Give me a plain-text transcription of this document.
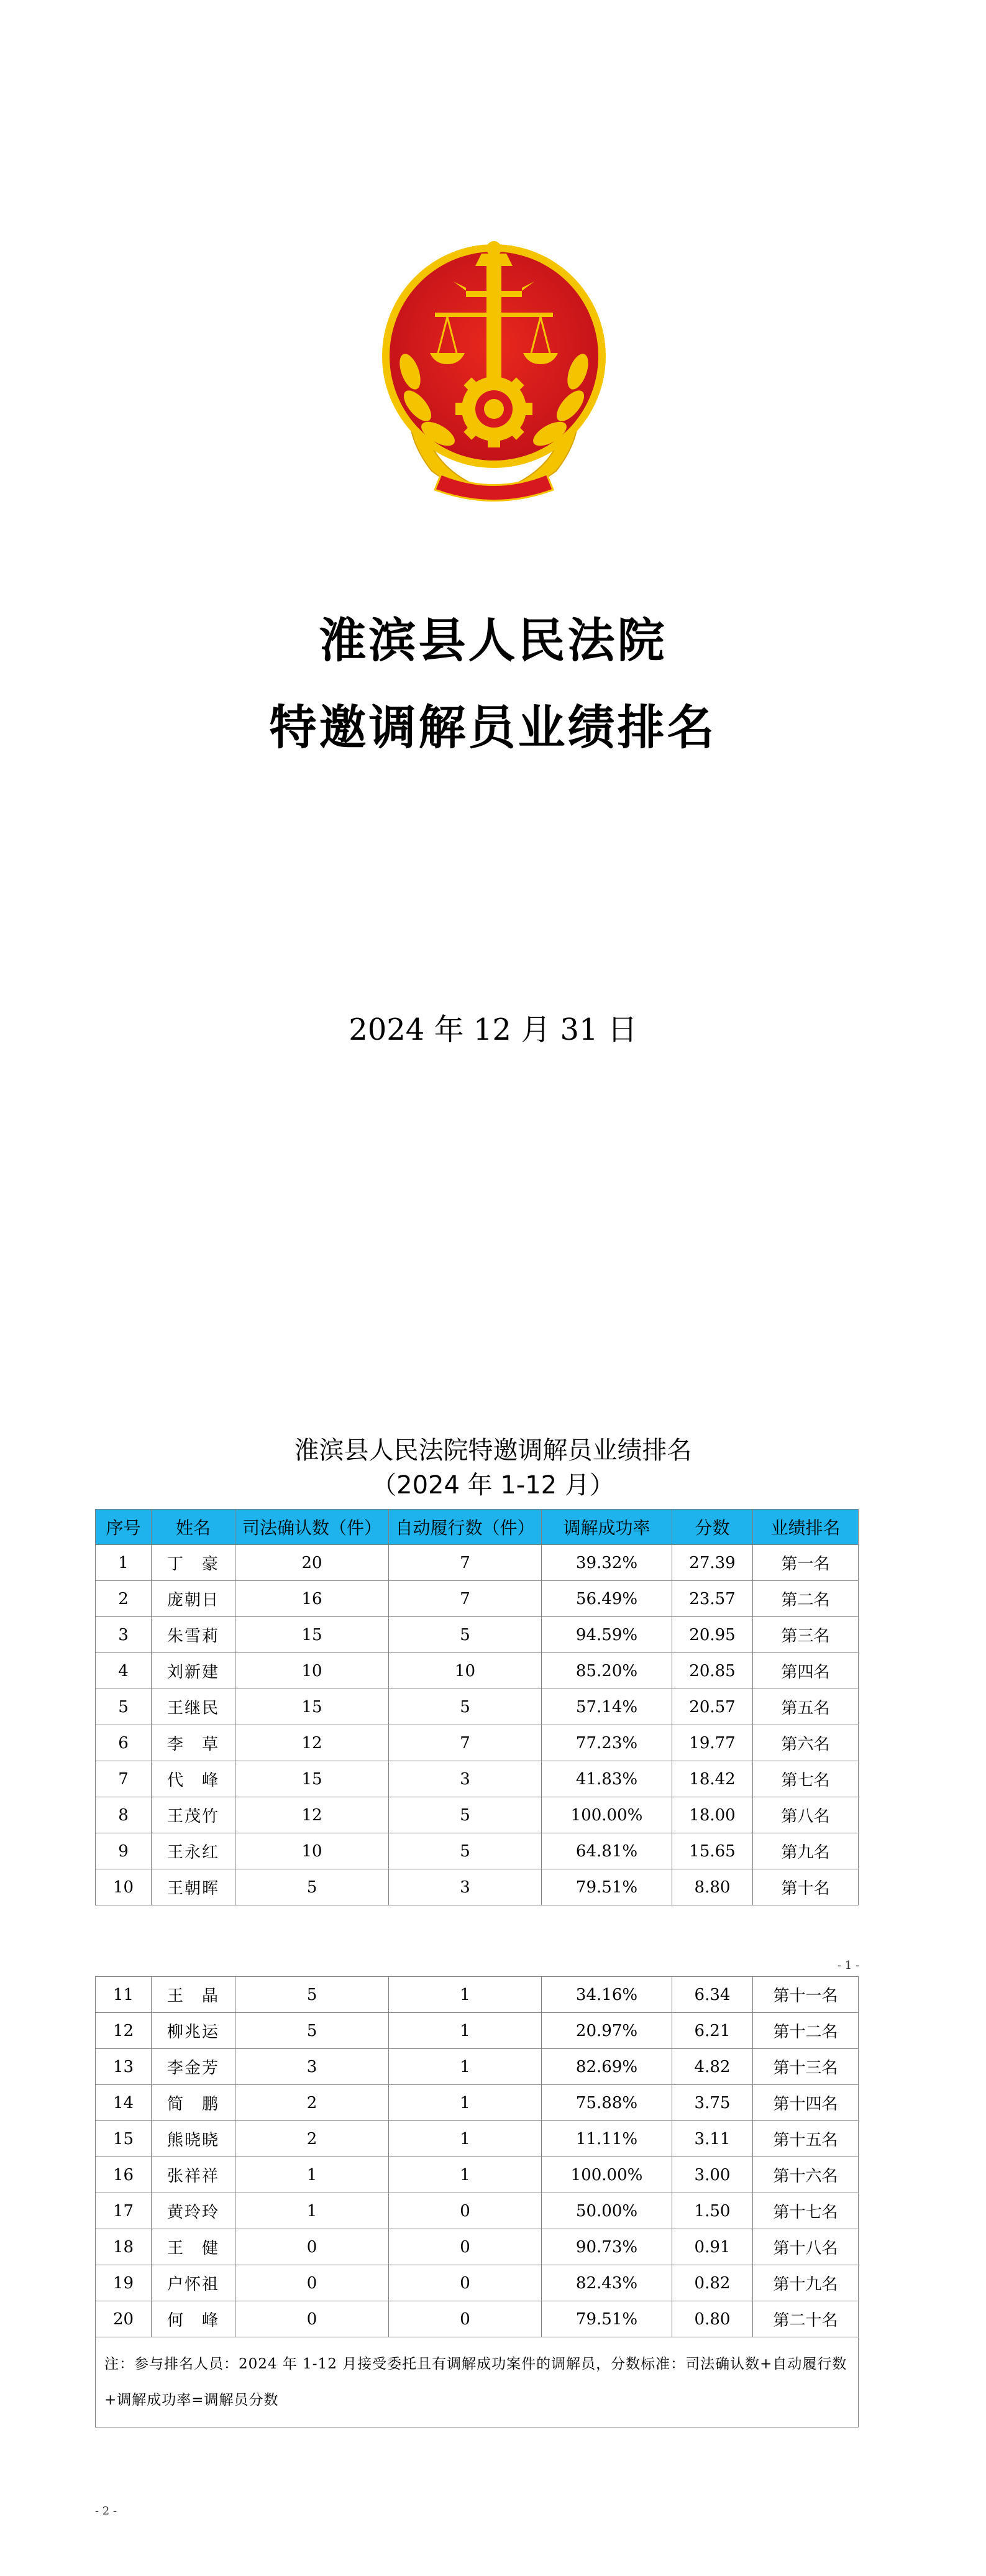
淮滨县人民法院
特邀调解员业绩排名
2024 年 12 月 31 日
淮滨县人民法院特邀调解员业绩排名
（2024 年 1-12 月）
序号	姓名	司法确认数（件）	自动履行数（件）	调解成功率	分数	业绩排名
1	丁　豪	20	7	39.32%	27.39	第一名
2	庞朝日	16	7	56.49%	23.57	第二名
3	朱雪莉	15	5	94.59%	20.95	第三名
4	刘新建	10	10	85.20%	20.85	第四名
5	王继民	15	5	57.14%	20.57	第五名
6	李　草	12	7	77.23%	19.77	第六名
7	代　峰	15	3	41.83%	18.42	第七名
8	王茂竹	12	5	100.00%	18.00	第八名
9	王永红	10	5	64.81%	15.65	第九名
10	王朝晖	5	3	79.51%	8.80	第十名
- 1 -
11	王　晶	5	1	34.16%	6.34	第十一名
12	柳兆运	5	1	20.97%	6.21	第十二名
13	李金芳	3	1	82.69%	4.82	第十三名
14	简　鹏	2	1	75.88%	3.75	第十四名
15	熊晓晓	2	1	11.11%	3.11	第十五名
16	张祥祥	1	1	100.00%	3.00	第十六名
17	黄玲玲	1	0	50.00%	1.50	第十七名
18	王　健	0	0	90.73%	0.91	第十八名
19	户怀祖	0	0	82.43%	0.82	第十九名
20	何　峰	0	0	79.51%	0.80	第二十名
注：参与排名人员：2024 年 1-12 月接受委托且有调解成功案件的调解员，分数标准：司法确认数+自动履行数+调解成功率=调解员分数						
- 2 -
